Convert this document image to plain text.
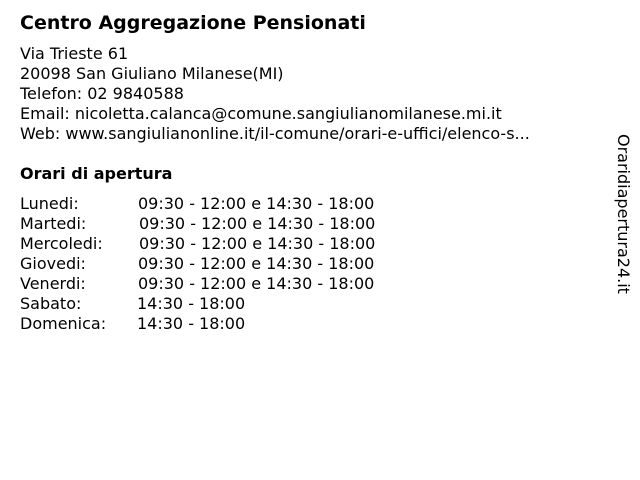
Centro Aggregazione Pensionati
Via Trieste 61
20098 San Giuliano Milanese(MI)
Telefon: 02 9840588
Email: nicoletta.calanca@comune.sangiulianomilanese.mi.it
Web: www.sangiulianonline.it/il-comune/orari-e-uffici/elenco-s...
Orari di apertura
Lunedi:	09:30 - 12:00 e 14:30 - 18:00
Martedi:	09:30 - 12:00 e 14:30 - 18:00
Mercoledi: 09:30 - 12:00 e 14:30 - 18:00
Giovedi:	09:30 - 12:00 e 14:30 - 18:00
Venerdi:	09:30 - 12:00 e 14:30 - 18:00
Sabato:	14:30 - 18:00
Domenica: 14:30 - 18:00
Oraridiapertura24.it
